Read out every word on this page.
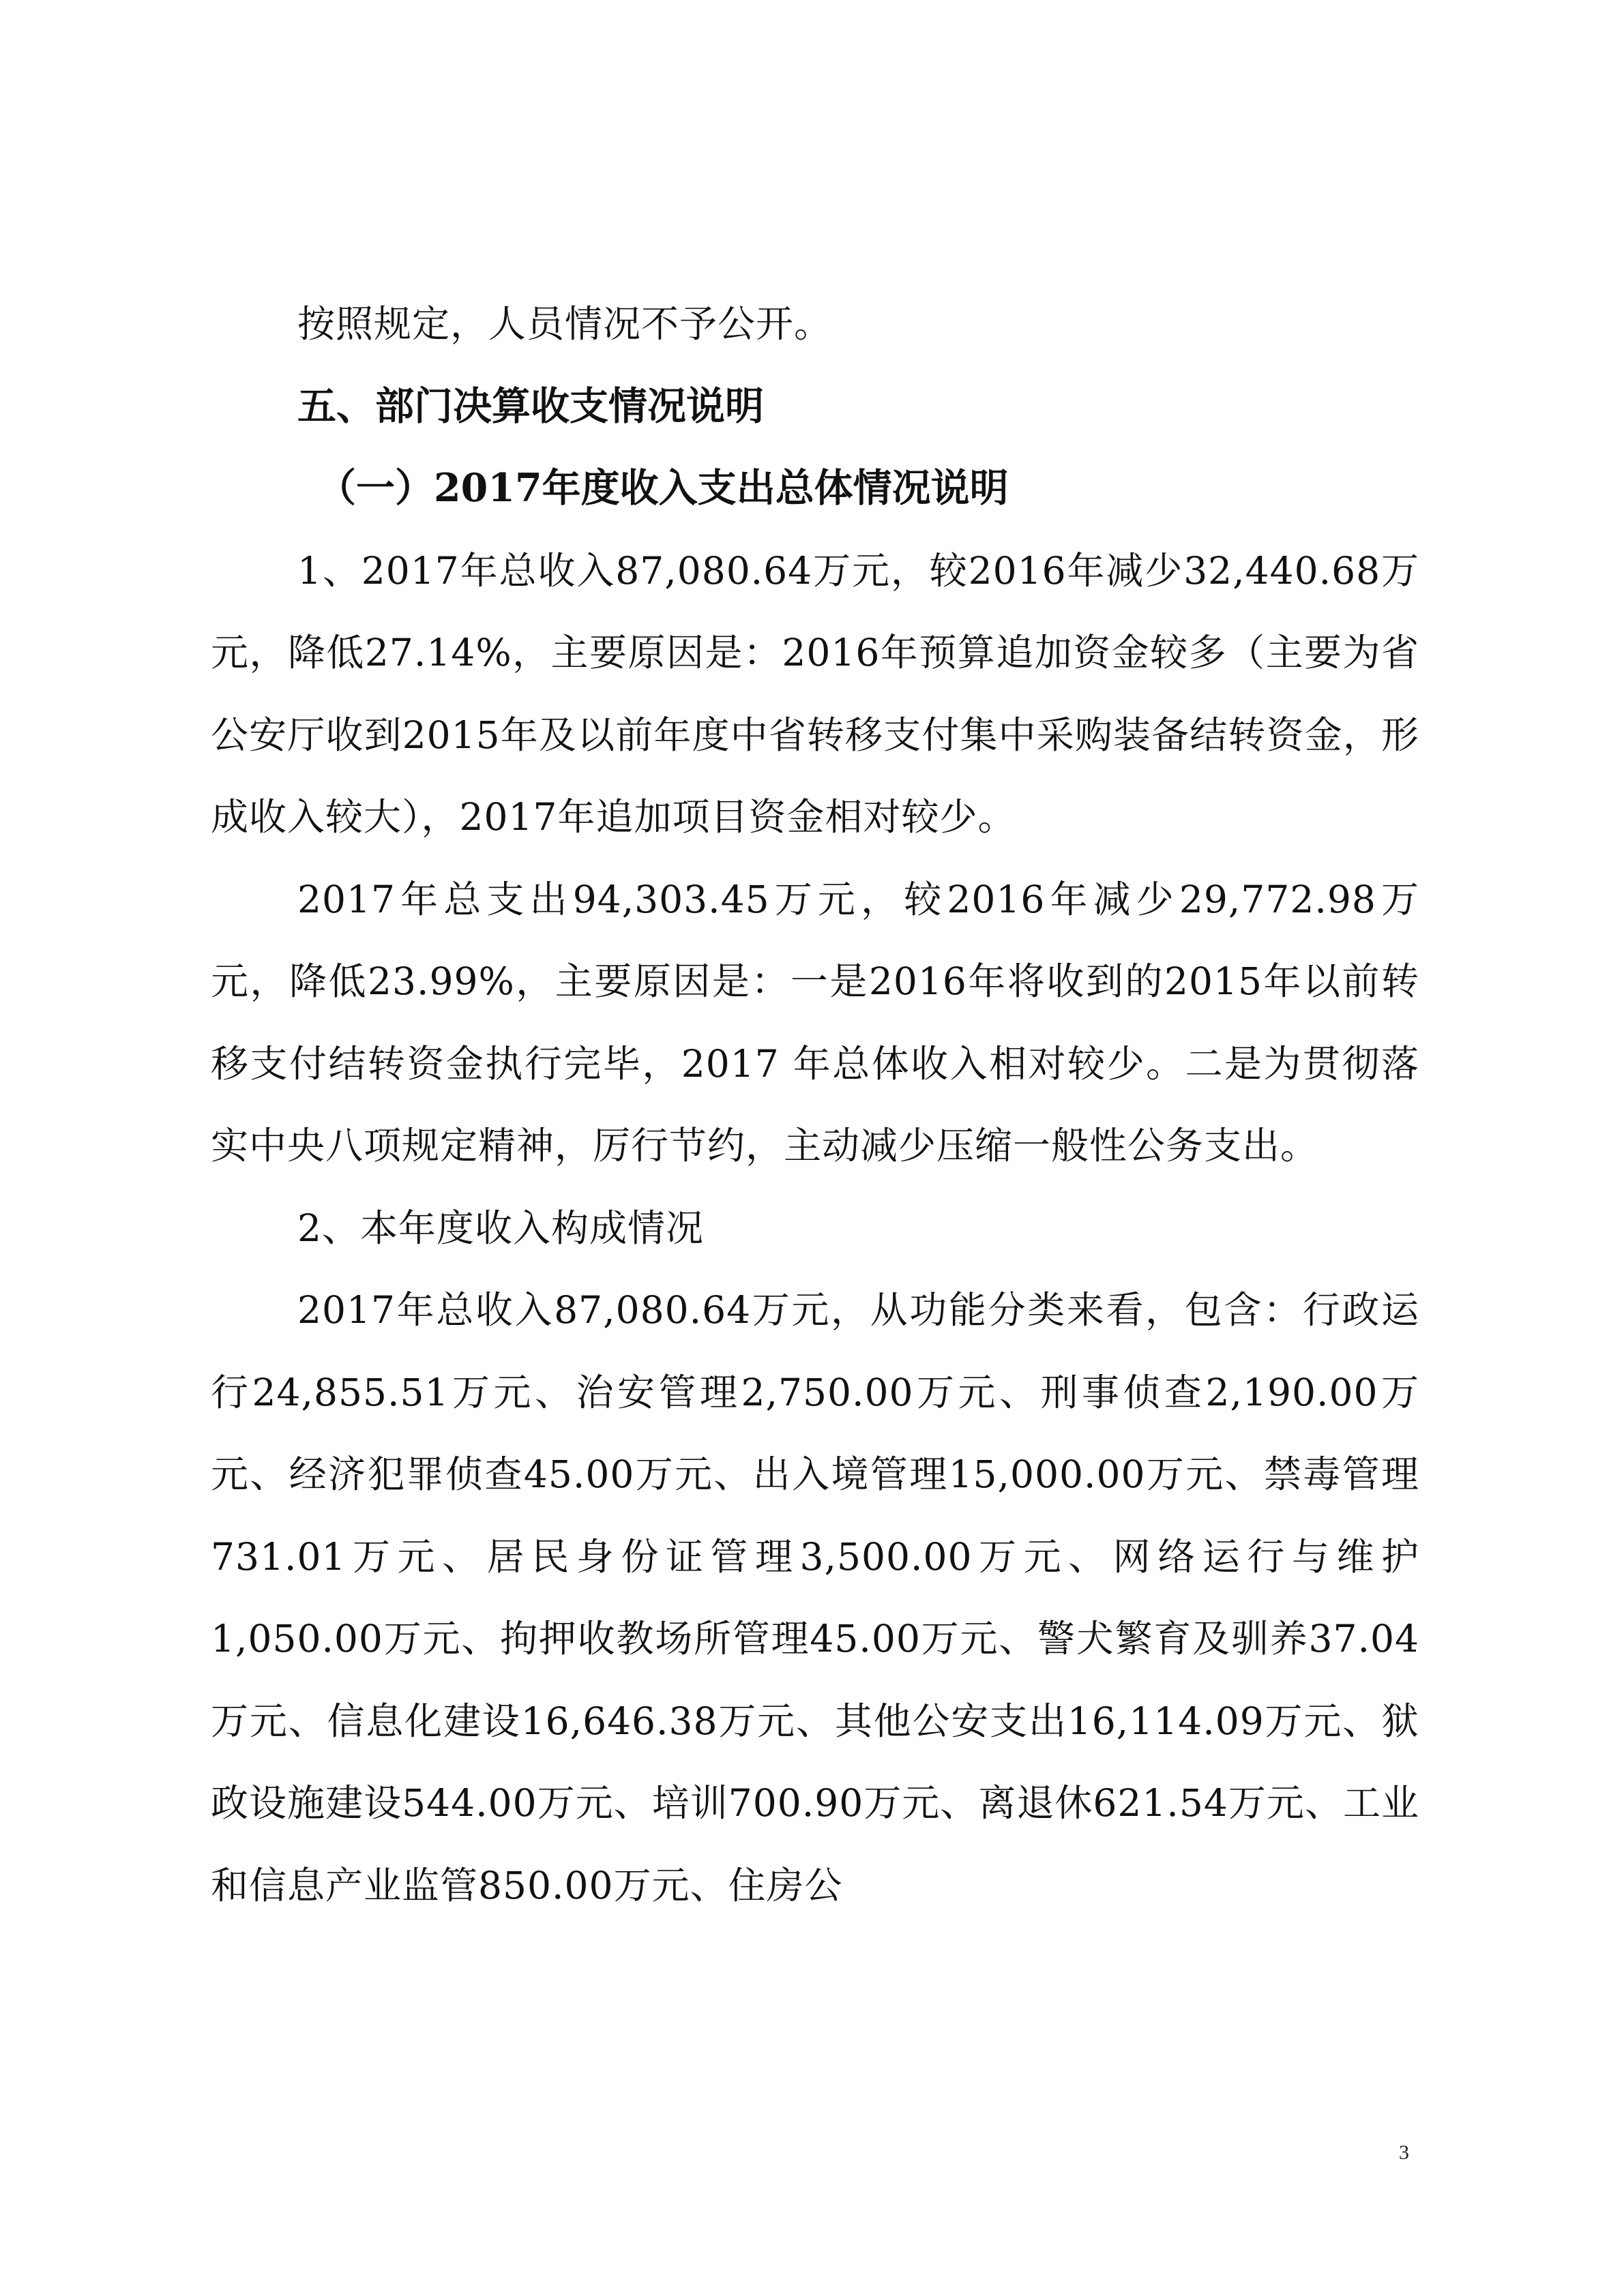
按照规定，人员情况不予公开。

五、部门决算收支情况说明

（一）2017年度收入支出总体情况说明

1、2017年总收入87,080.64万元，较2016年减少32,440.68万元，降低27.14%，主要原因是：2016年预算追加资金较多（主要为省公安厅收到2015年及以前年度中省转移支付集中采购装备结转资金，形成收入较大），2017年追加项目资金相对较少。

2017年总支出94,303.45万元，较2016年减少29,772.98万元，降低23.99%，主要原因是：一是2016年将收到的2015年以前转移支付结转资金执行完毕，2017 年总体收入相对较少。二是为贯彻落实中央八项规定精神，厉行节约，主动减少压缩一般性公务支出。

2、本年度收入构成情况

2017年总收入87,080.64万元，从功能分类来看，包含：行政运行24,855.51万元、治安管理2,750.00万元、刑事侦查2,190.00万元、经济犯罪侦查45.00万元、出入境管理15,000.00万元、禁毒管理731.01万元、居民身份证管理3,500.00万元、网络运行与维护1,050.00万元、拘押收教场所管理45.00万元、警犬繁育及驯养37.04万元、信息化建设16,646.38万元、其他公安支出16,114.09万元、狱政设施建设544.00万元、培训700.90万元、离退休621.54万元、工业和信息产业监管850.00万元、住房公

3
